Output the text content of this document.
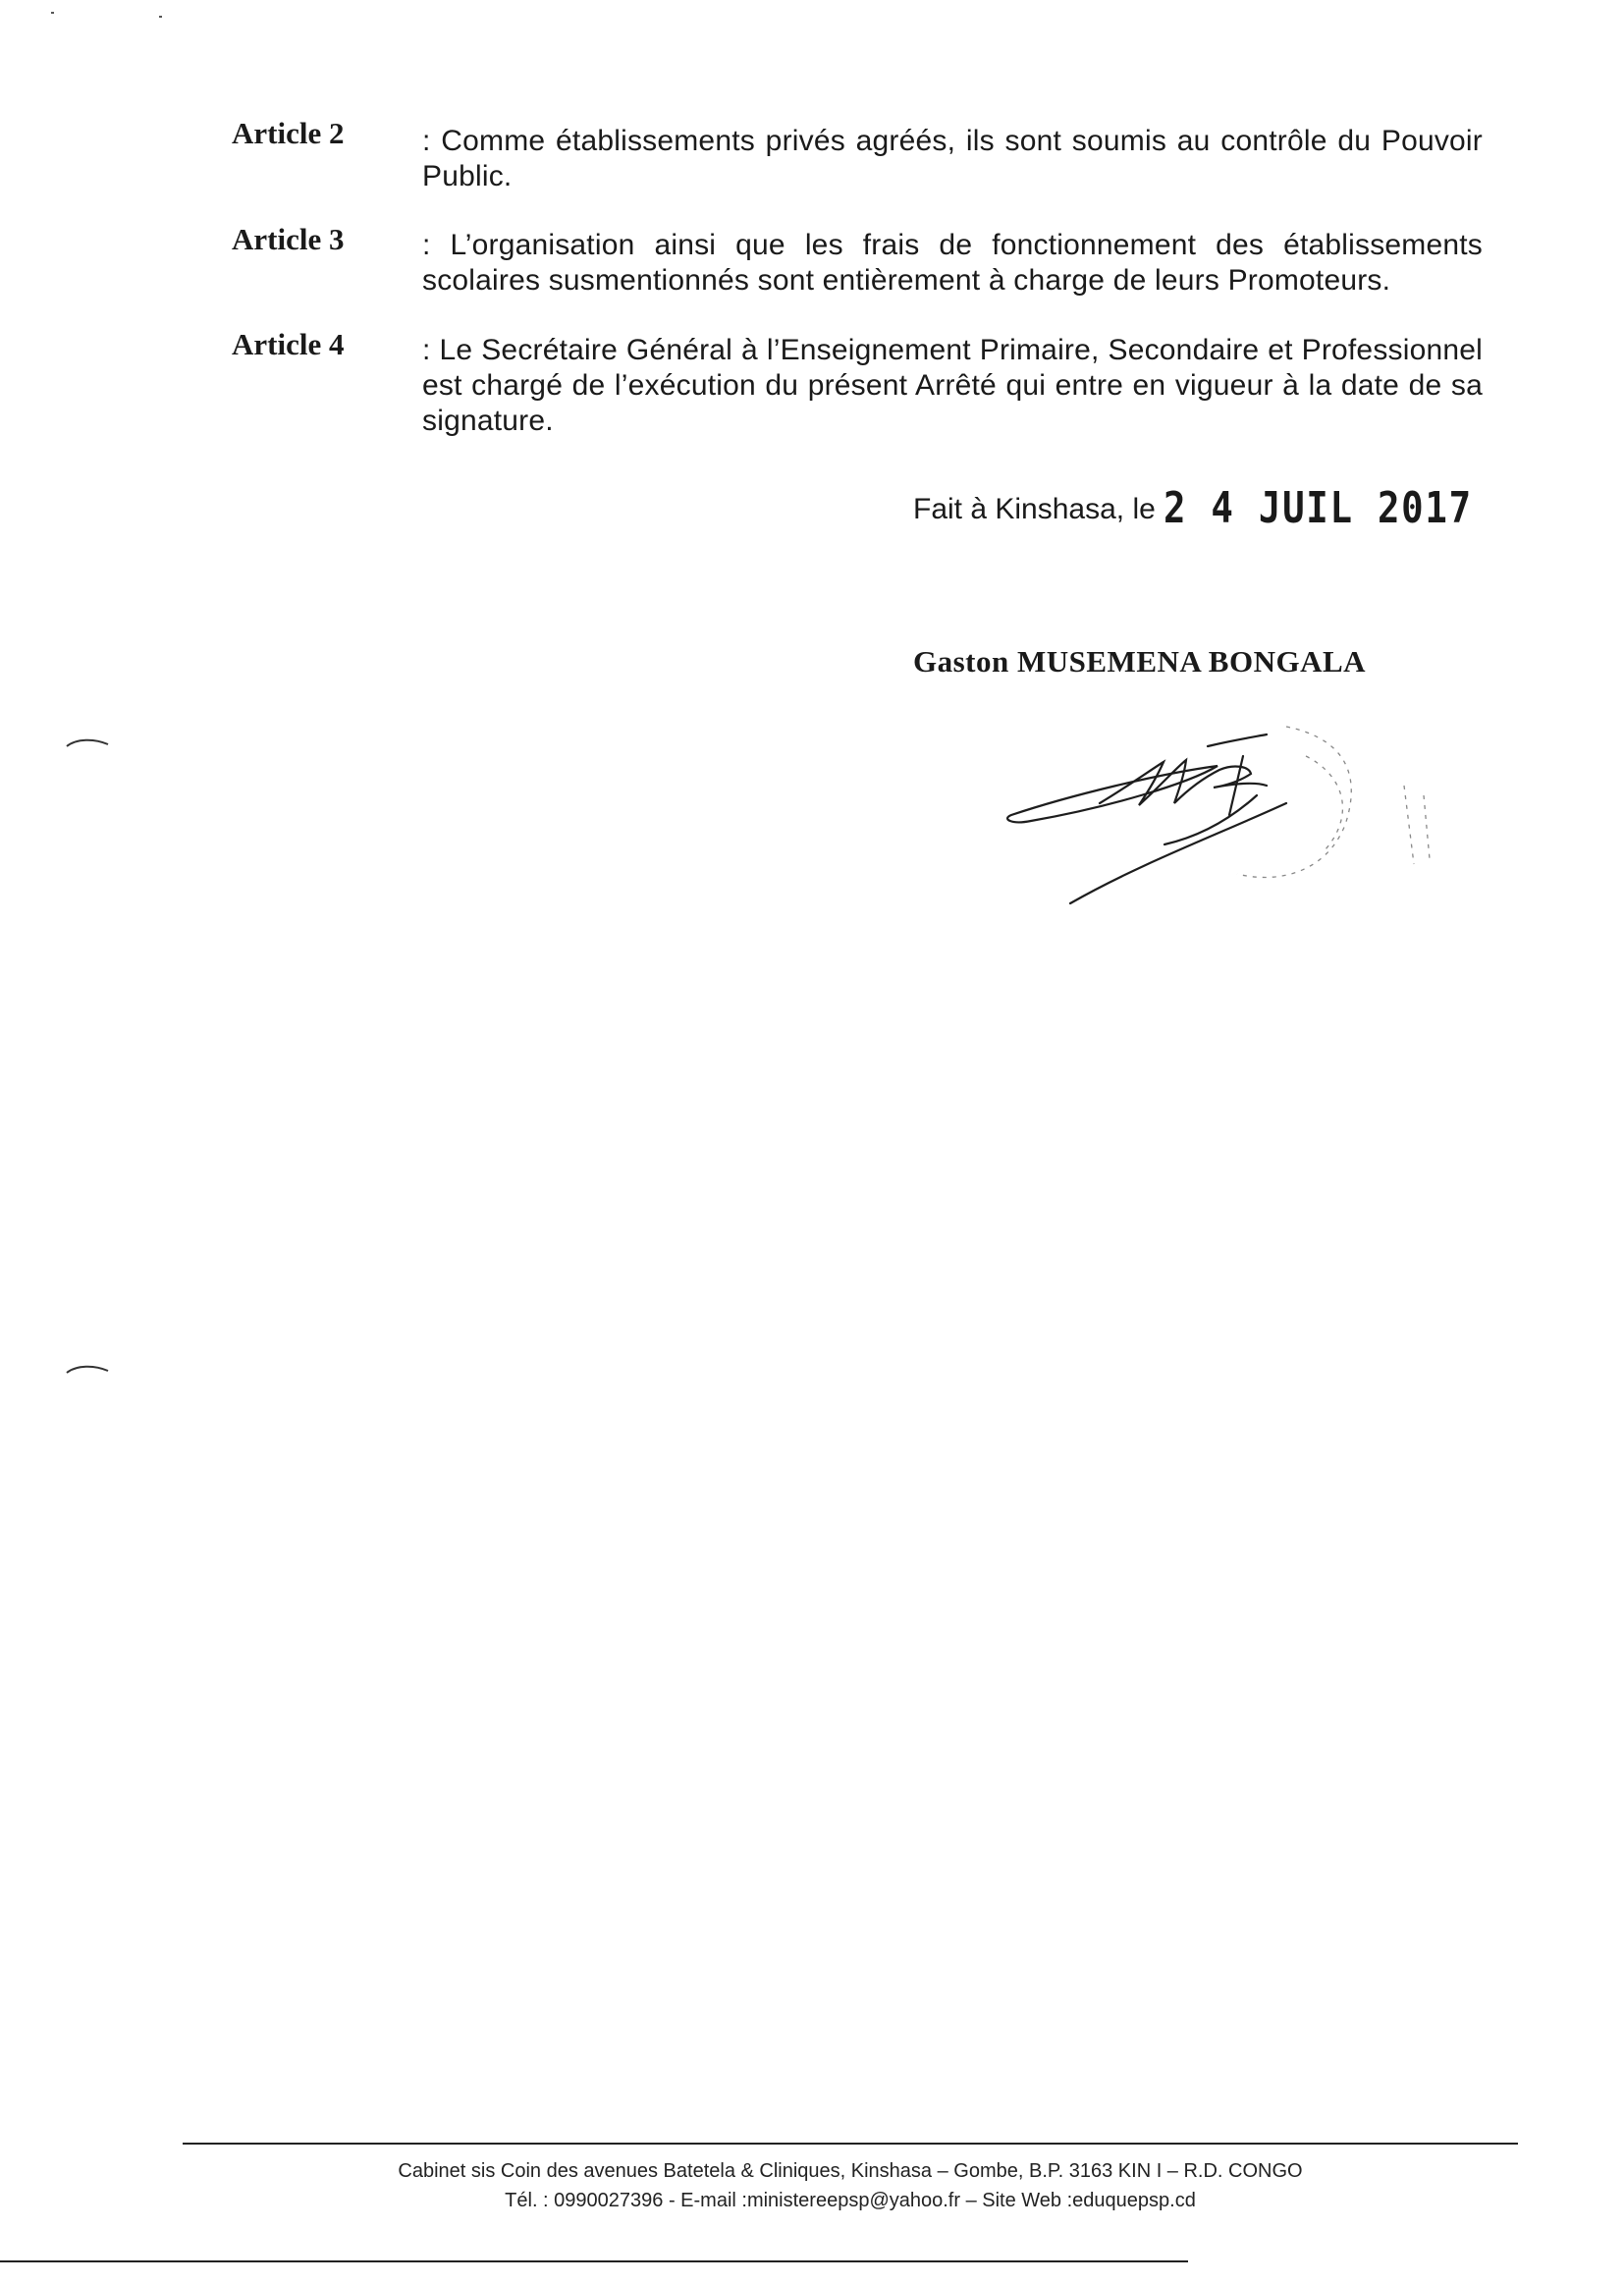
Article 2	: Comme établissements privés agréés, ils sont soumis au contrôle du Pouvoir Public.
Article 3	: L’organisation ainsi que les frais de fonctionnement des établissements scolaires susmentionnés sont entièrement à charge de leurs Promoteurs.
Article 4	: Le Secrétaire Général à l’Enseignement Primaire, Secondaire et Professionnel est chargé de l’exécution du présent Arrêté qui entre en vigueur à la date de sa signature.
Fait à Kinshasa, le 2 4 JUIL 2017
Gaston MUSEMENA BONGALA
Cabinet sis Coin des avenues Batetela & Cliniques, Kinshasa – Gombe, B.P. 3163 KIN I – R.D. CONGO
Tél. : 0990027396 - E-mail :ministereepsp@yahoo.fr – Site Web :eduquepsp.cd
